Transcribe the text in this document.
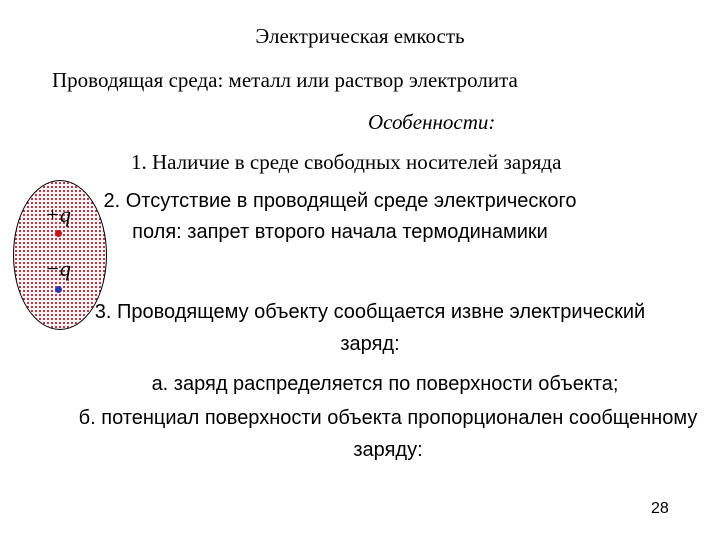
Электрическая емкость
Проводящая среда: металл или раствор электролита
Особенности:
1. Наличие в среде свободных носителей заряда
2. Отсутствие в проводящей среде электрического поля: запрет второго начала термодинамики
3. Проводящему объекту сообщается извне электрический заряд:
а. заряд распределяется по поверхности объекта;
б. потенциал поверхности объекта пропорционален сообщенному заряду:
+q
−q
28
